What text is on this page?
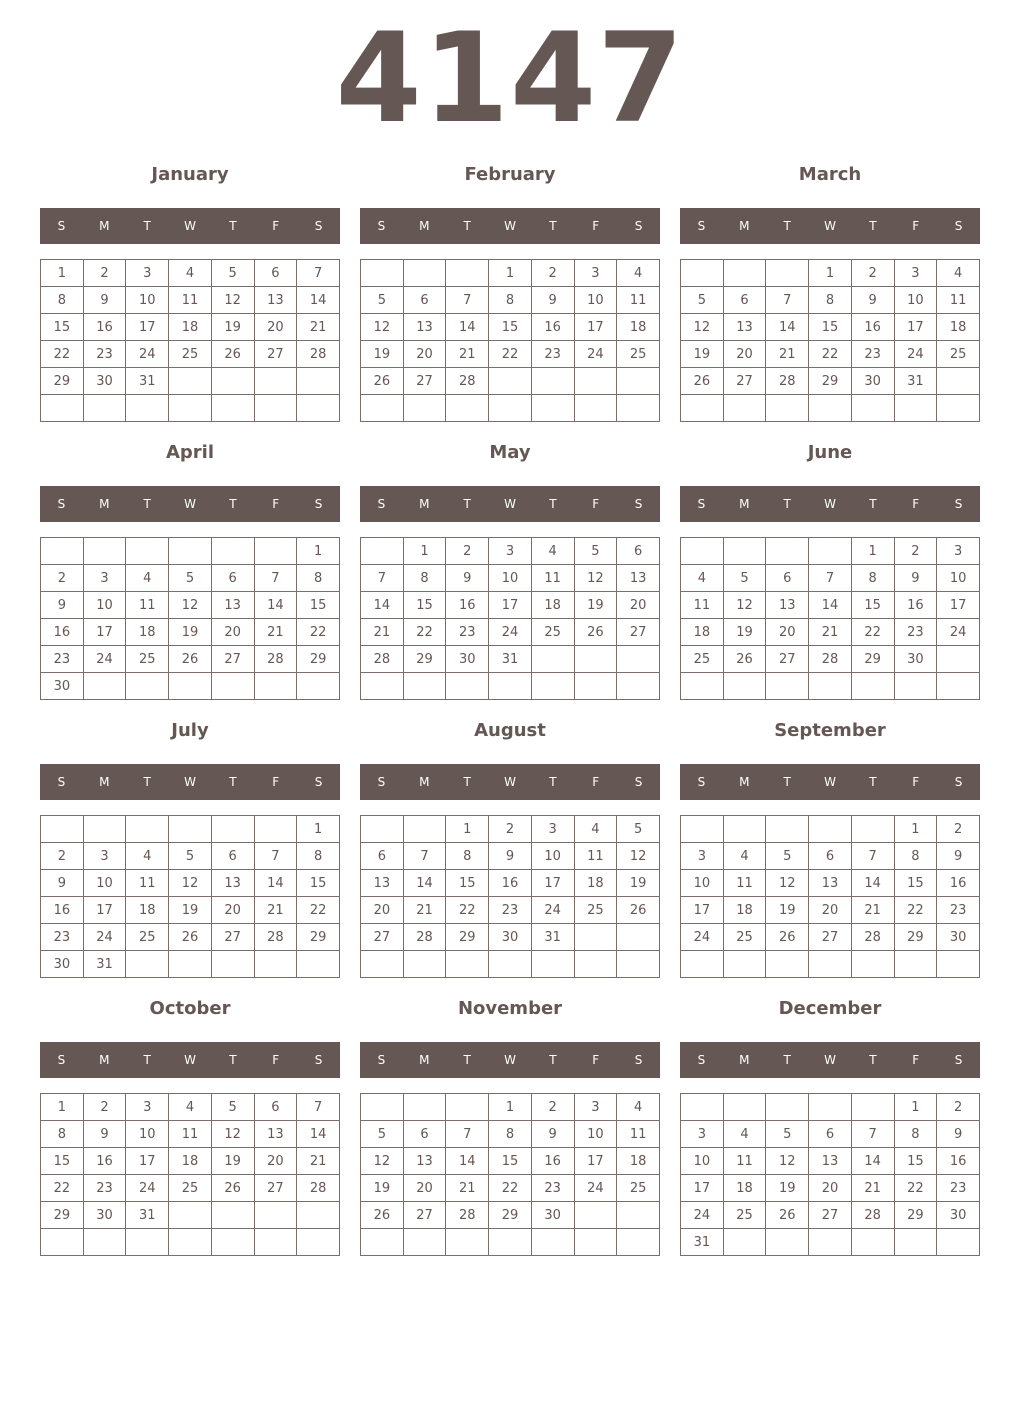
4147
January
S	M	T	W	T	F	S
1	2	3	4	5	6	7
8	9	10	11	12	13	14
15	16	17	18	19	20	21
22	23	24	25	26	27	28
29	30	31				

February
S	M	T	W	T	F	S
			1	2	3	4
5	6	7	8	9	10	11
12	13	14	15	16	17	18
19	20	21	22	23	24	25
26	27	28				

March
S	M	T	W	T	F	S
			1	2	3	4
5	6	7	8	9	10	11
12	13	14	15	16	17	18
19	20	21	22	23	24	25
26	27	28	29	30	31	

April
S	M	T	W	T	F	S
						1
2	3	4	5	6	7	8
9	10	11	12	13	14	15
16	17	18	19	20	21	22
23	24	25	26	27	28	29
30						
May
S	M	T	W	T	F	S
	1	2	3	4	5	6
7	8	9	10	11	12	13
14	15	16	17	18	19	20
21	22	23	24	25	26	27
28	29	30	31			

June
S	M	T	W	T	F	S
				1	2	3
4	5	6	7	8	9	10
11	12	13	14	15	16	17
18	19	20	21	22	23	24
25	26	27	28	29	30	

July
S	M	T	W	T	F	S
						1
2	3	4	5	6	7	8
9	10	11	12	13	14	15
16	17	18	19	20	21	22
23	24	25	26	27	28	29
30	31					
August
S	M	T	W	T	F	S
		1	2	3	4	5
6	7	8	9	10	11	12
13	14	15	16	17	18	19
20	21	22	23	24	25	26
27	28	29	30	31		

September
S	M	T	W	T	F	S
					1	2
3	4	5	6	7	8	9
10	11	12	13	14	15	16
17	18	19	20	21	22	23
24	25	26	27	28	29	30

October
S	M	T	W	T	F	S
1	2	3	4	5	6	7
8	9	10	11	12	13	14
15	16	17	18	19	20	21
22	23	24	25	26	27	28
29	30	31				

November
S	M	T	W	T	F	S
			1	2	3	4
5	6	7	8	9	10	11
12	13	14	15	16	17	18
19	20	21	22	23	24	25
26	27	28	29	30		

December
S	M	T	W	T	F	S
					1	2
3	4	5	6	7	8	9
10	11	12	13	14	15	16
17	18	19	20	21	22	23
24	25	26	27	28	29	30
31						
